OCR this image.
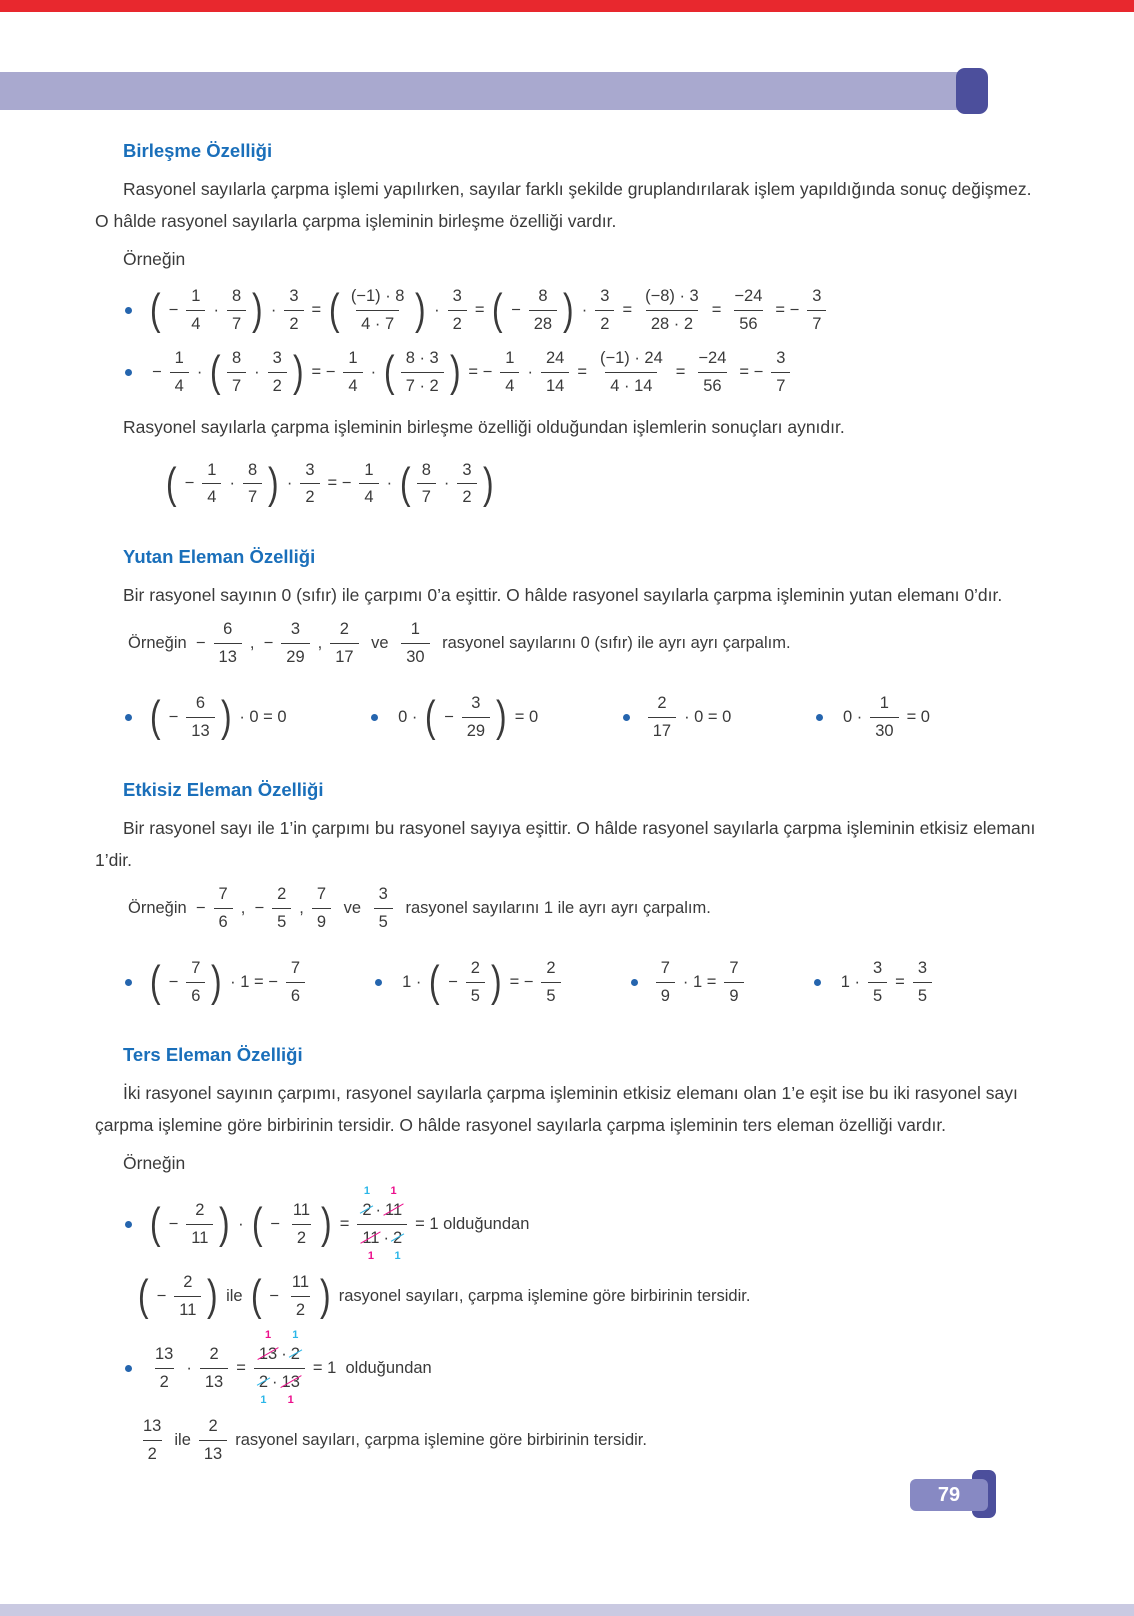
Birleşme Özelliği

Rasyonel sayılarla çarpma işlemi yapılırken, sayılar farklı şekilde gruplandırılarak işlem yapıldığında sonuç değişmez. O hâlde rasyonel sayılarla çarpma işleminin birleşme özelliği vardır.

Örneğin

( − $\frac{1}{4} \cdot \frac{8}{7}$ ) · $\frac{3}{2}$ = ( $\frac{(-1) \cdot 8}{4 \cdot 7}$ ) · $\frac{3}{2}$ = ( − $\frac{8}{28}$ ) · $\frac{3}{2} = \frac{(-8) \cdot 3}{28 \cdot 2} = \frac{-24}{56}$ = − $\frac{3}{7}$
− $\frac{1}{4}$ · ( $\frac{8}{7} \cdot \frac{3}{2}$ ) = − $\frac{1}{4}$ · ( $\frac{8 \cdot 3}{7 \cdot 2}$ ) = − $\frac{1}{4} \cdot \frac{24}{14} = \frac{(-1) \cdot 24}{4 \cdot 14} = \frac{-24}{56}$ = − $\frac{3}{7}$

Rasyonel sayılarla çarpma işleminin birleşme özelliği olduğundan işlemlerin sonuçları aynıdır.

( − $\frac{1}{4} \cdot \frac{8}{7}$ ) · $\frac{3}{2}$ = − $\frac{1}{4}$ · ( $\frac{8}{7} \cdot \frac{3}{2}$ )
Yutan Eleman Özelliği

Bir rasyonel sayının 0 (sıfır) ile çarpımı 0’a eşittir. O hâlde rasyonel sayılarla çarpma işleminin yutan elemanı 0’dır.

Örneğin  − $\frac{6}{13}$ ,  − $\frac{3}{29}$ , $\frac{2}{17}$ ve $\frac{1}{30}$ rasyonel sayılarını 0 (sıfır) ile ayrı ayrı çarpalım.
( − $\frac{6}{13}$ ) · 0 = 0	0 · ( − $\frac{3}{29}$ ) = 0	$\frac{2}{17} \cdot 0 = 0$	$0 \cdot \frac{1}{30} = 0$
Etkisiz Eleman Özelliği

Bir rasyonel sayı ile 1’in çarpımı bu rasyonel sayıya eşittir. O hâlde rasyonel sayılarla çarpma işleminin etkisiz elemanı 1’dir.

Örneğin  − $\frac{7}{6}$ ,  − $\frac{2}{5}$ , $\frac{7}{9}$ ve $\frac{3}{5}$ rasyonel sayılarını 1 ile ayrı ayrı çarpalım.
( − $\frac{7}{6}$ ) · 1 = − $\frac{7}{6}$	1 · ( − $\frac{2}{5}$ ) = − $\frac{2}{5}$	$\frac{7}{9} \cdot 1 = \frac{7}{9}$	$1 \cdot \frac{3}{5} = \frac{3}{5}$
Ters Eleman Özelliği

İki rasyonel sayının çarpımı, rasyonel sayılarla çarpma işleminin etkisiz elemanı olan 1’e eşit ise bu iki rasyonel sayı çarpma işlemine göre birbirinin tersidir. O hâlde rasyonel sayılarla çarpma işleminin ters eleman özelliği vardır.

Örneğin

( − $\frac{2}{11}$ ) · ( − $\frac{11}{2}$ ) = 2
1
· 11
1
11
1
· 2
1 = 1 olduğundan
( − $\frac{2}{11}$ ) ile ( − $\frac{11}{2}$ ) rasyonel sayıları, çarpma işlemine göre birbirinin tersidir.
$\frac{13}{2} \cdot \frac{2}{13} = 13$
1
· 2
1
2
1
· 13
1 = 1  olduğundan
$\frac{13}{2}$ ile $\frac{2}{13}$ rasyonel sayıları, çarpma işlemine göre birbirinin tersidir.
79
